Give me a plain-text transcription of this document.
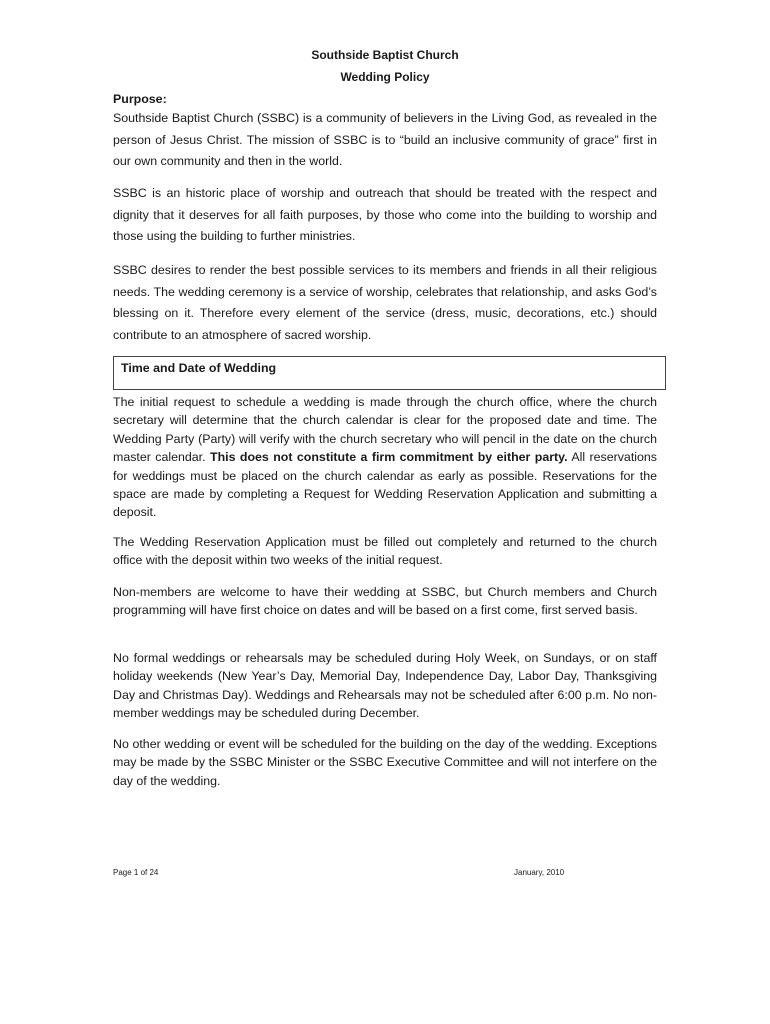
Southside Baptist Church
Wedding Policy
Purpose:

Southside Baptist Church (SSBC) is a community of believers in the Living God, as revealed in the person of Jesus Christ. The mission of SSBC is to “build an inclusive community of grace” first in our own community and then in the world.

SSBC is an historic place of worship and outreach that should be treated with the respect and dignity that it deserves for all faith purposes, by those who come into the building to worship and those using the building to further ministries.

SSBC desires to render the best possible services to its members and friends in all their religious needs. The wedding ceremony is a service of worship, celebrates that relationship, and asks God’s blessing on it. Therefore every element of the service (dress, music, decorations, etc.) should contribute to an atmosphere of sacred worship.

Time and Date of Wedding

The initial request to schedule a wedding is made through the church office, where the church secretary will determine that the church calendar is clear for the proposed date and time. The Wedding Party (Party) will verify with the church secretary who will pencil in the date on the church master calendar. This does not constitute a firm commitment by either party. All reservations for weddings must be placed on the church calendar as early as possible. Reservations for the space are made by completing a Request for Wedding Reservation Application and submitting a deposit.

The Wedding Reservation Application must be filled out completely and returned to the church office with the deposit within two weeks of the initial request.

Non-members are welcome to have their wedding at SSBC, but Church members and Church programming will have first choice on dates and will be based on a first come, first served basis.

No formal weddings or rehearsals may be scheduled during Holy Week, on Sundays, or on staff holiday weekends (New Year’s Day, Memorial Day, Independence Day, Labor Day, Thanksgiving Day and Christmas Day). Weddings and Rehearsals may not be scheduled after 6:00 p.m. No non-member weddings may be scheduled during December.

No other wedding or event will be scheduled for the building on the day of the wedding. Exceptions may be made by the SSBC Minister or the SSBC Executive Committee and will not interfere on the day of the wedding.

Page 1 of 24	January, 2010
